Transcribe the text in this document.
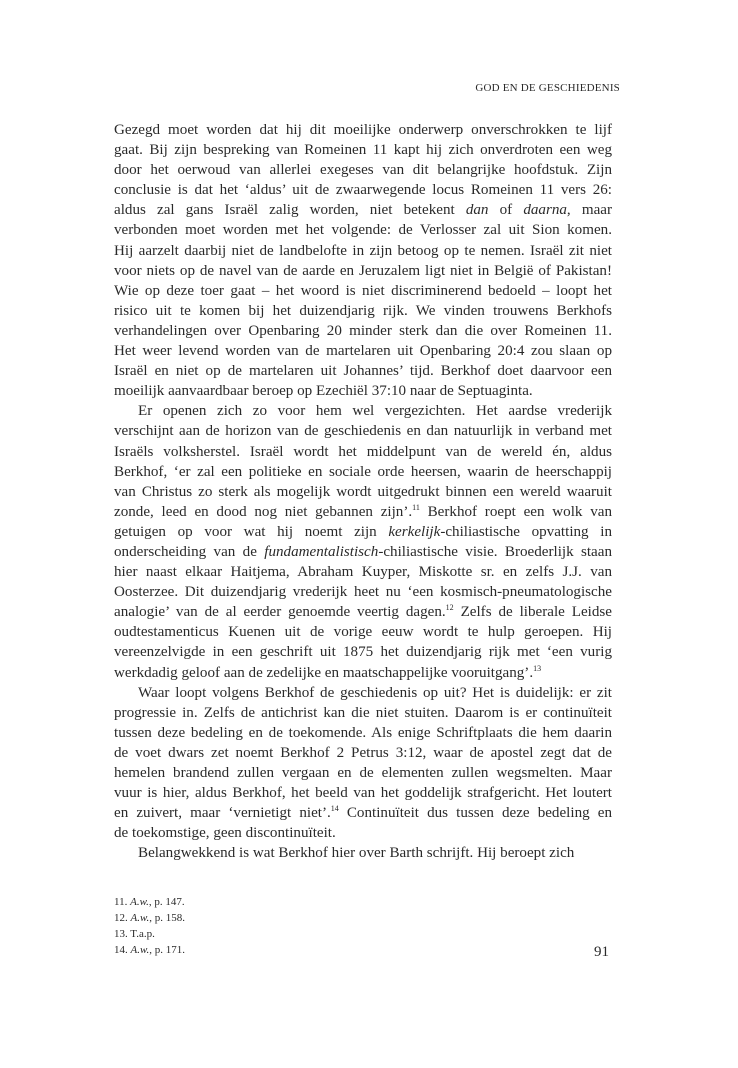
GOD EN DE GESCHIEDENIS
Gezegd moet worden dat hij dit moeilijke onderwerp onverschrokken te lijf
gaat. Bij zijn bespreking van Romeinen 11 kapt hij zich onverdroten een weg
door het oerwoud van allerlei exegeses van dit belangrijke hoofdstuk. Zijn
conclusie is dat het ‘aldus’ uit de zwaarwegende locus Romeinen 11 vers 26:
aldus zal gans Israël zalig worden, niet betekent dan of daarna, maar
verbonden moet worden met het volgende: de Verlosser zal uit Sion komen.
Hij aarzelt daarbij niet de landbelofte in zijn betoog op te nemen. Israël zit niet
voor niets op de navel van de aarde en Jeruzalem ligt niet in België of Pakistan!
Wie op deze toer gaat – het woord is niet discriminerend bedoeld – loopt het
risico uit te komen bij het duizendjarig rijk. We vinden trouwens Berkhofs
verhandelingen over Openbaring 20 minder sterk dan die over Romeinen 11.
Het weer levend worden van de martelaren uit Openbaring 20:4 zou slaan op
Israël en niet op de martelaren uit Johannes’ tijd. Berkhof doet daarvoor een
moeilijk aanvaardbaar beroep op Ezechiël 37:10 naar de Septuaginta.
Er openen zich zo voor hem wel vergezichten. Het aardse vrederijk
verschijnt aan de horizon van de geschiedenis en dan natuurlijk in verband met
Israëls volksherstel. Israël wordt het middelpunt van de wereld én, aldus
Berkhof, ‘er zal een politieke en sociale orde heersen, waarin de heerschappij
van Christus zo sterk als mogelijk wordt uitgedrukt binnen een wereld waaruit
zonde, leed en dood nog niet gebannen zijn’.$^{11}$ Berkhof roept een wolk van
getuigen op voor wat hij noemt zijn kerkelijk-chiliastische opvatting in
onderscheiding van de fundamentalistisch-chiliastische visie. Broederlijk staan
hier naast elkaar Haitjema, Abraham Kuyper, Miskotte sr. en zelfs J.J. van
Oosterzee. Dit duizendjarig vrederijk heet nu ‘een kosmisch-pneumatologische
analogie’ van de al eerder genoemde veertig dagen.$^{12}$ Zelfs de liberale Leidse
oudtestamenticus Kuenen uit de vorige eeuw wordt te hulp geroepen. Hij
vereenzelvigde in een geschrift uit 1875 het duizendjarig rijk met ‘een vurig
werkdadig geloof aan de zedelijke en maatschappelijke vooruitgang’.$^{13}$
Waar loopt volgens Berkhof de geschiedenis op uit? Het is duidelijk: er zit
progressie in. Zelfs de antichrist kan die niet stuiten. Daarom is er continuïteit
tussen deze bedeling en de toekomende. Als enige Schriftplaats die hem daarin
de voet dwars zet noemt Berkhof 2 Petrus 3:12, waar de apostel zegt dat de
hemelen brandend zullen vergaan en de elementen zullen wegsmelten. Maar
vuur is hier, aldus Berkhof, het beeld van het goddelijk strafgericht. Het loutert
en zuivert, maar ‘vernietigt niet’.$^{14}$ Continuïteit dus tussen deze bedeling en
de toekomstige, geen discontinuïteit.
Belangwekkend is wat Berkhof hier over Barth schrijft. Hij beroept zich
11. A.w., p. 147.
12. A.w., p. 158.
13. T.a.p.
14. A.w., p. 171.	91
